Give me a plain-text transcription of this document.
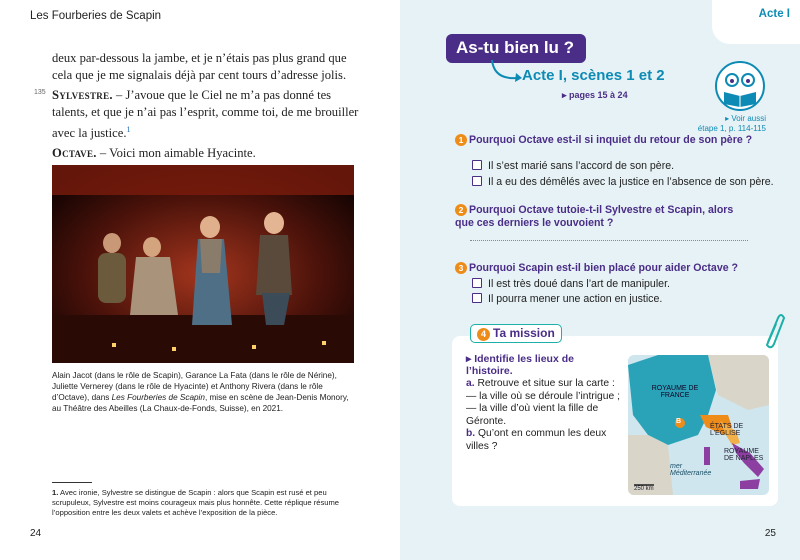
Les Fourberies de Scapin
135

deux par-dessous la jambe, et je n’étais pas plus grand que cela que je me signalais déjà par cent tours d’adresse jolis.

Sylvestre. – J’avoue que le Ciel ne m’a pas donné tes talents, et que je n’ai pas l’esprit, comme toi, de me brouiller avec la justice.$^1$

Octave. – Voici mon aimable Hyacinte.

Alain Jacot (dans le rôle de Scapin), Garance La Fata (dans le rôle de Nérine), Juliette Vernerey (dans le rôle de Hyacinte) et Anthony Rivera (dans le rôle d’Octave), dans Les Fourberies de Scapin, mise en scène de Jean-Denis Monory, au Théâtre des Abeilles (La Chaux-de-Fonds, Suisse), en 2021.
1. Avec ironie, Sylvestre se distingue de Scapin : alors que Scapin est rusé et peu scrupuleux, Sylvestre est moins courageux mais plus honnête. Cette réplique résume l’opposition entre les deux valets et achève l’exposition de la pièce.
24
Acte I
As-tu bien lu ?
Acte I, scènes 1 et 2
▸ pages 15 à 24
▸ Voir aussi
étape 1, p. 114-115
1 Pourquoi Octave est-il si inquiet du retour de son père ?
Il s’est marié sans l’accord de son père.
Il a eu des démêlés avec la justice en l’absence de son père.
2 Pourquoi Octave tutoie-t-il Sylvestre et Scapin, alors que ces derniers le vouvoient ?
3 Pourquoi Scapin est-il bien placé pour aider Octave ?
Il est très doué dans l’art de manipuler.
Il pourra mener une action en justice.
4 Ta mission
▸ Identifie les lieux de l’histoire.
a. Retrouve et situe sur la carte :
— la ville où se déroule l’intrigue ;
— la ville d’où vient la fille de Géronte.
b. Qu’ont en commun les deux villes ?
ROYAUME DE FRANCE
B
ÉTATS DE L’ÉGLISE
ROYAUME DE NAPLES
mer Méditerranée
250 km
25
